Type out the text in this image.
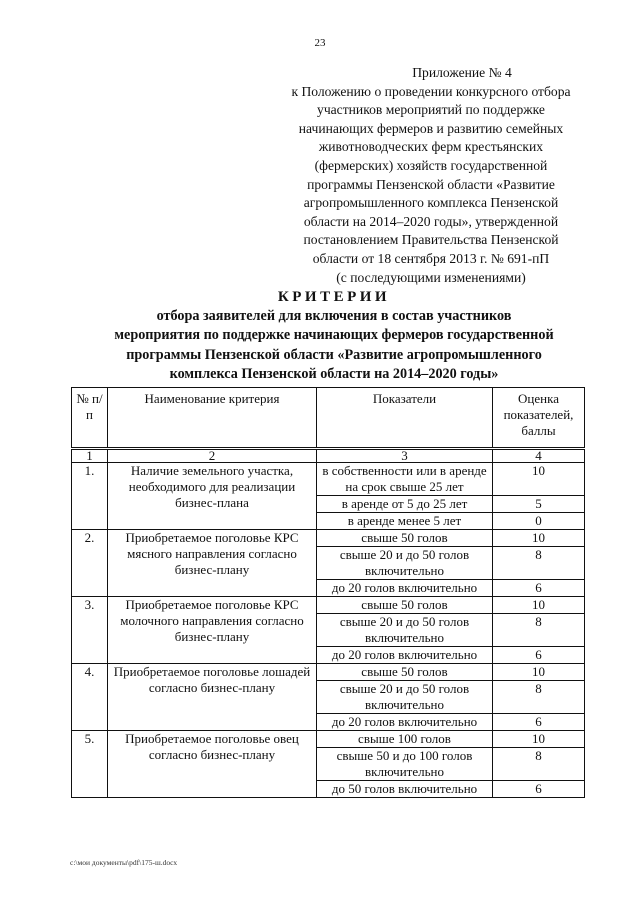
23
Приложение № 4
к Положению о проведении конкурсного отбора
участников мероприятий по поддержке
начинающих фермеров и развитию семейных
животноводческих ферм крестьянских
(фермерских) хозяйств государственной
программы Пензенской области «Развитие
агропромышленного комплекса Пензенской
области на 2014–2020 годы», утвержденной
постановлением Правительства Пензенской
области от 18 сентября 2013 г. № 691-пП
(с последующими изменениями)
КРИТЕРИИ
отбора заявителей для включения в состав участников
мероприятия по поддержке начинающих фермеров государственной
программы Пензенской области «Развитие агропромышленного
комплекса Пензенской области на 2014–2020 годы»
№ п/п	Наименование критерия	Показатели	Оценка показателей, баллы
1	2	3	4
1.	Наличие земельного участка, необходимого для реализации бизнес-плана	в собственности или в аренде на срок свыше 25 лет	10
		в аренде от 5 до 25 лет	5
		в аренде менее 5 лет	0
2.	Приобретаемое поголовье КРС мясного направления согласно бизнес-плану	свыше 50 голов	10
		свыше 20 и до 50 голов включительно	8
		до 20 голов включительно	6
3.	Приобретаемое поголовье КРС молочного направления согласно бизнес-плану	свыше 50 голов	10
		свыше 20 и до 50 голов включительно	8
		до 20 голов включительно	6
4.	Приобретаемое поголовье лошадей согласно бизнес-плану	свыше 50 голов	10
		свыше 20 и до 50 голов включительно	8
		до 20 голов включительно	6
5.	Приобретаемое поголовье овец согласно бизнес-плану	свыше 100 голов	10
		свыше 50 и до 100 голов включительно	8
		до 50 голов включительно	6
c:\мои документы\pdf\175-ш.docx
